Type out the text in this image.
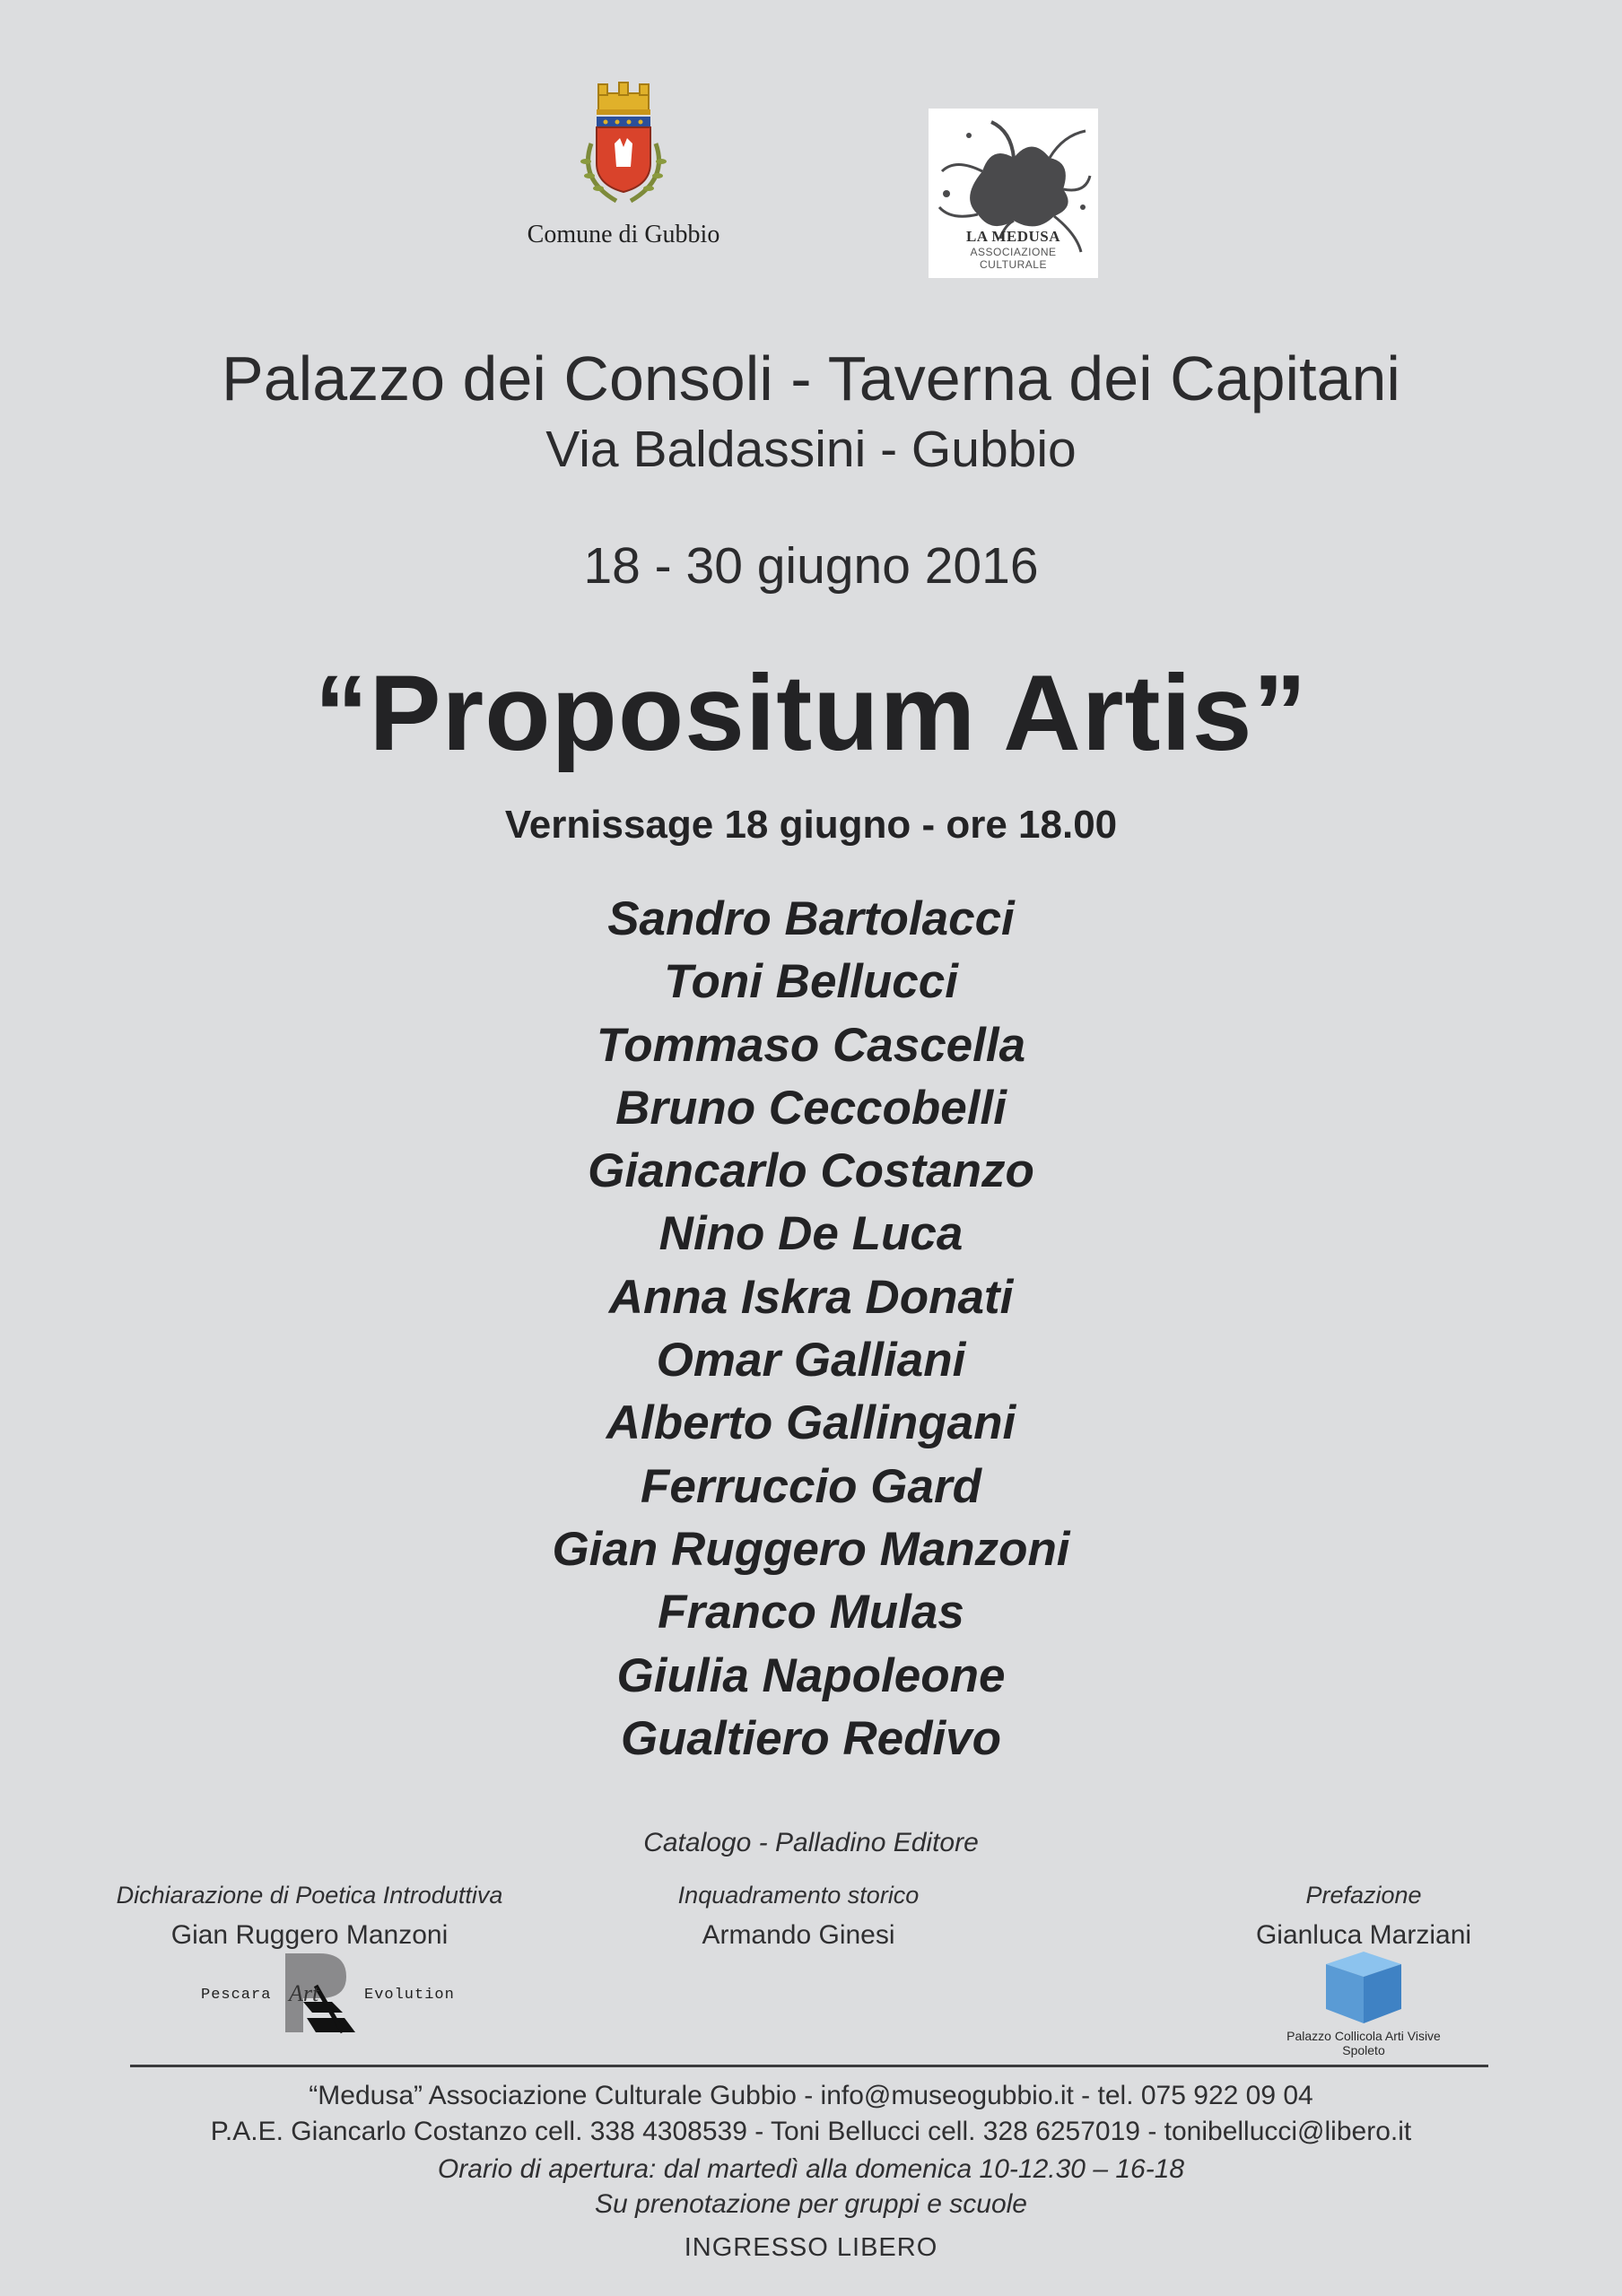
Comune di Gubbio	LA MEDUSA
ASSOCIAZIONE
CULTURALE
Palazzo dei Consoli - Taverna dei Capitani
Via Baldassini - Gubbio
18 - 30 giugno 2016
“Propositum Artis”
Vernissage 18 giugno - ore 18.00
Sandro Bartolacci
Toni Bellucci
Tommaso Cascella
Bruno Ceccobelli
Giancarlo Costanzo
Nino De Luca
Anna Iskra Donati
Omar Galliani
Alberto Gallingani
Ferruccio Gard
Gian Ruggero Manzoni
Franco Mulas
Giulia Napoleone
Gualtiero Redivo
Catalogo - Palladino Editore
Dichiarazione di Poetica Introduttiva
Gian Ruggero Manzoni
Inquadramento storico
Armando Ginesi
Prefazione
Gianluca Marziani
Pescara Art	Evolution
Palazzo Collicola Arti Visive
Spoleto
“Medusa” Associazione Culturale Gubbio - info@museogubbio.it - tel. 075 922 09 04
P.A.E. Giancarlo Costanzo cell. 338 4308539 - Toni Bellucci cell. 328 6257019 - tonibellucci@libero.it
Orario di apertura: dal martedì alla domenica 10-12.30 – 16-18
Su prenotazione per gruppi e scuole
INGRESSO LIBERO
